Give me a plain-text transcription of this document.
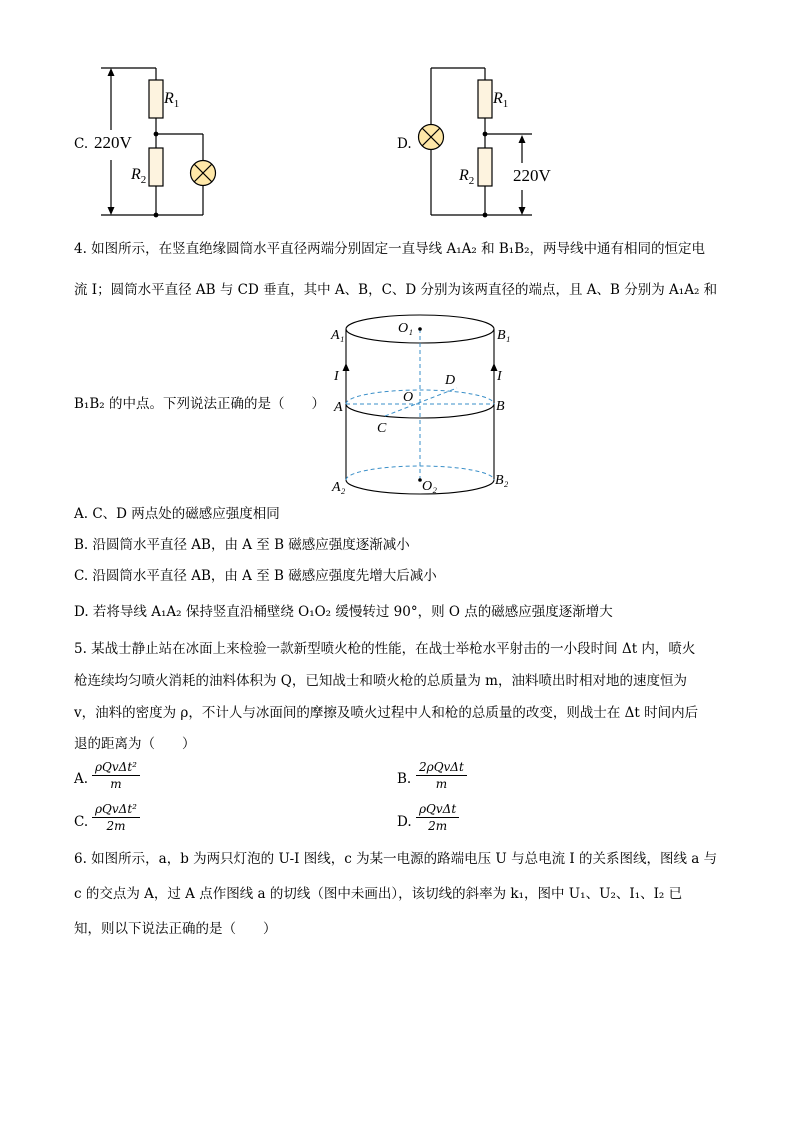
$R_1$
$R_2$
C. 220V
$R_1$
$R_2$
D.
220V
4. 如图所示，在竖直绝缘圆筒水平直径两端分别固定一直导线 A₁A₂ 和 B₁B₂，两导线中通有相同的恒定电
流 I；圆筒水平直径 AB 与 CD 垂直，其中 A、B，C、D 分别为该两直径的端点，且 A、B 分别为 A₁A₂ 和
B₁B₂ 的中点。下列说法正确的是（　　）
A₁	B₁
O₁
I	I
A	B
O
D
C
A₂	B₂
O₂
A. C、D 两点处的磁感应强度相同
B. 沿圆筒水平直径 AB，由 A 至 B 磁感应强度逐渐减小
C. 沿圆筒水平直径 AB，由 A 至 B 磁感应强度先增大后减小
D. 若将导线 A₁A₂ 保持竖直沿桶壁绕 O₁O₂ 缓慢转过 90°，则 O 点的磁感应强度逐渐增大
5. 某战士静止站在冰面上来检验一款新型喷火枪的性能，在战士举枪水平射击的一小段时间 Δt 内，喷火
枪连续均匀喷火消耗的油料体积为 Q，已知战士和喷火枪的总质量为 m，油料喷出时相对地的速度恒为
v，油料的密度为 ρ，不计人与冰面间的摩擦及喷火过程中人和枪的总质量的改变，则战士在 Δt 时间内后
退的距离为（　　）
A.
ρQvΔt²
m	B.
2ρQvΔt
m
C.
ρQvΔt²
2m	D.
ρQvΔt
2m
6. 如图所示，a，b 为两只灯泡的 U-I 图线，c 为某一电源的路端电压 U 与总电流 I 的关系图线，图线 a 与
c 的交点为 A，过 A 点作图线 a 的切线（图中未画出），该切线的斜率为 k₁，图中 U₁、U₂、I₁、I₂ 已
知，则以下说法正确的是（　　）
